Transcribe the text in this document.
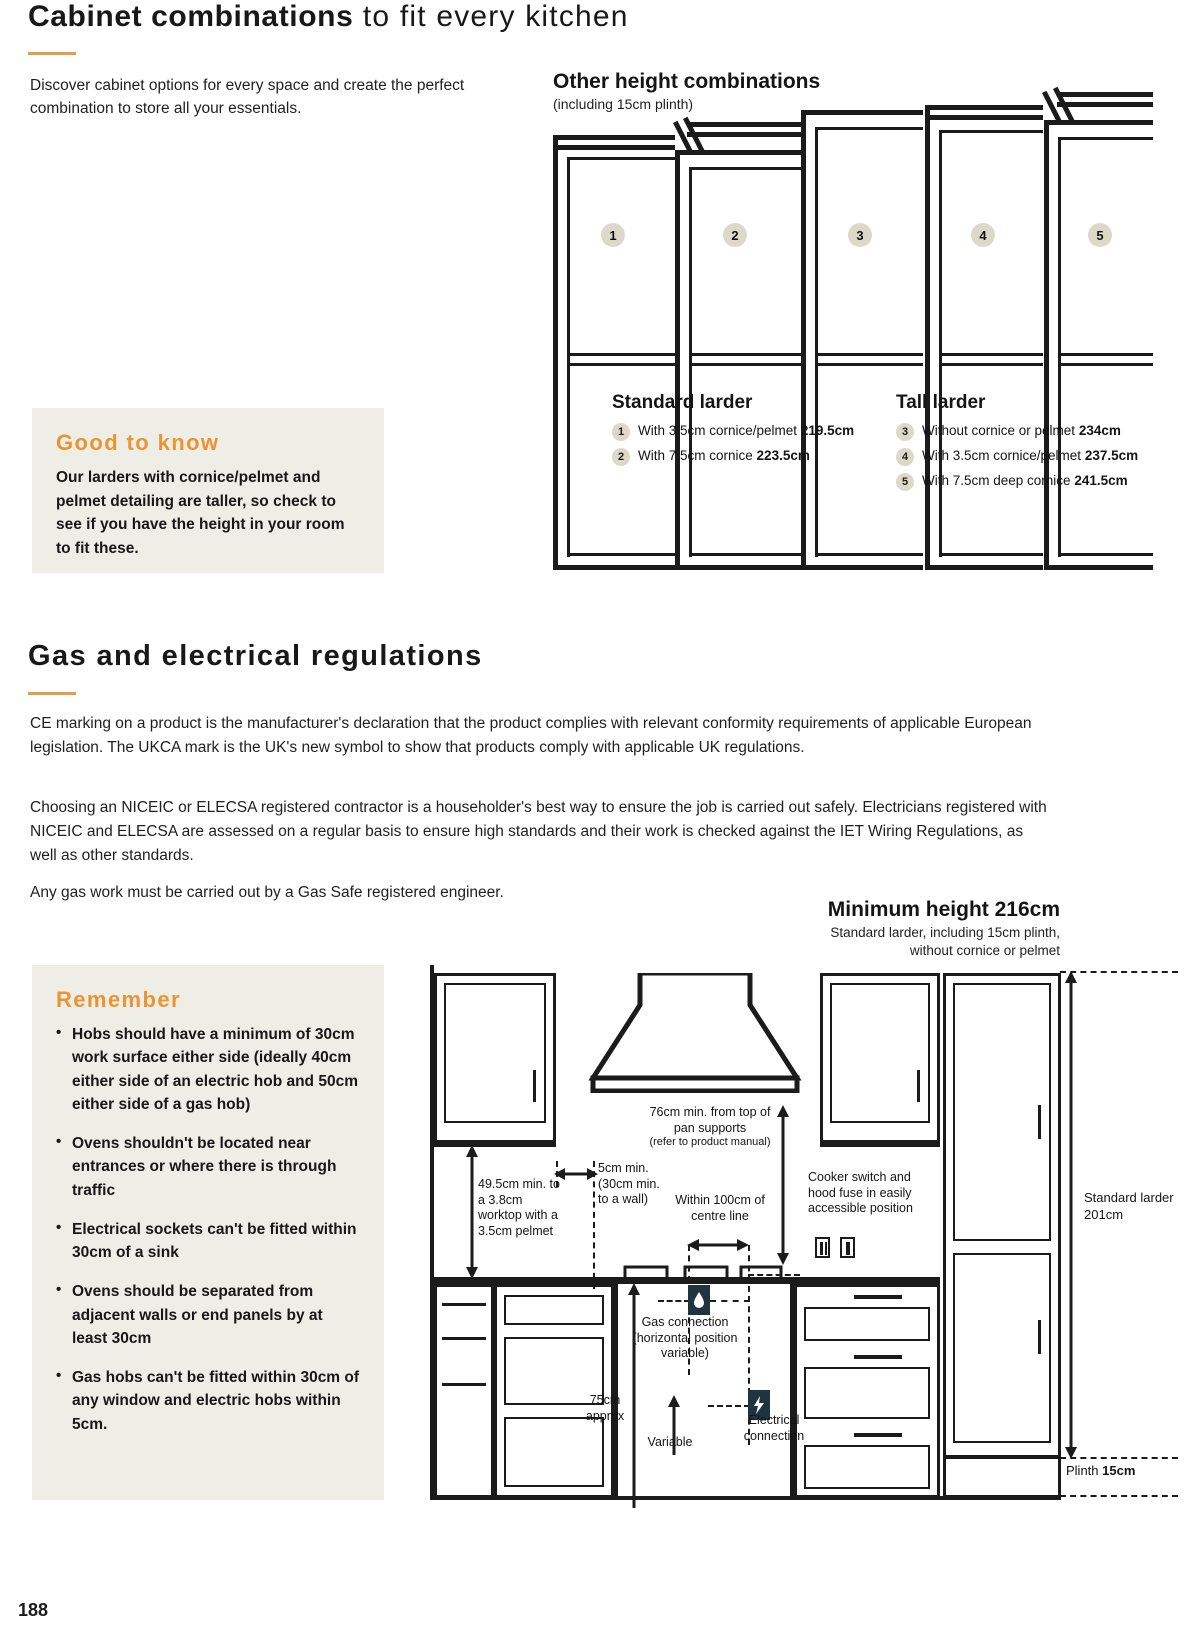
Cabinet combinations to fit every kitchen
Discover cabinet options for every space and create the perfect combination to store all your essentials.
Good to know

Our larders with cornice/pelmet and pelmet detailing are taller, so check to see if you have the height in your room to fit these.

Other height combinations
(including 15cm plinth)
1	2	3	4	5
Standard larder
1	With 3.5cm cornice/pelmet 219.5cm
2	With 7.5cm cornice 223.5cm
Tall larder
3	Without cornice or pelmet 234cm
4	With 3.5cm cornice/pelmet 237.5cm
5	With 7.5cm deep cornice 241.5cm
Gas and electrical regulations
CE marking on a product is the manufacturer's declaration that the product complies with relevant conformity requirements of applicable European legislation. The UKCA mark is the UK's new symbol to show that products comply with applicable UK regulations.
Choosing an NICEIC or ELECSA registered contractor is a householder's best way to ensure the job is carried out safely. Electricians registered with NICEIC and ELECSA are assessed on a regular basis to ensure high standards and their work is checked against the IET Wiring Regulations, as well as other standards.
Any gas work must be carried out by a Gas Safe registered engineer.
Remember
• Hobs should have a minimum of 30cm work surface either side (ideally 40cm either side of an electric hob and 50cm either side of a gas hob)
• Ovens shouldn't be located near entrances or where there is through traffic
• Electrical sockets can't be fitted within 30cm of a sink
• Ovens should be separated from adjacent walls or end panels by at least 30cm
• Gas hobs can't be fitted within 30cm of any window and electric hobs within 5cm.
Minimum height 216cm
Standard larder, including 15cm plinth,
without cornice or pelmet
76cm min. from top of pan supports
(refer to product manual)
49.5cm min. to a 3.8cm worktop with a 3.5cm pelmet
5cm min.
(30cm min.
to a wall)	Within 100cm of centre line
Cooker switch and hood fuse in easily accessible position
Gas connection (horizontal position variable)
Electrical connection
75cm approx
Variable
Standard larder 201cm
Plinth 15cm
188
